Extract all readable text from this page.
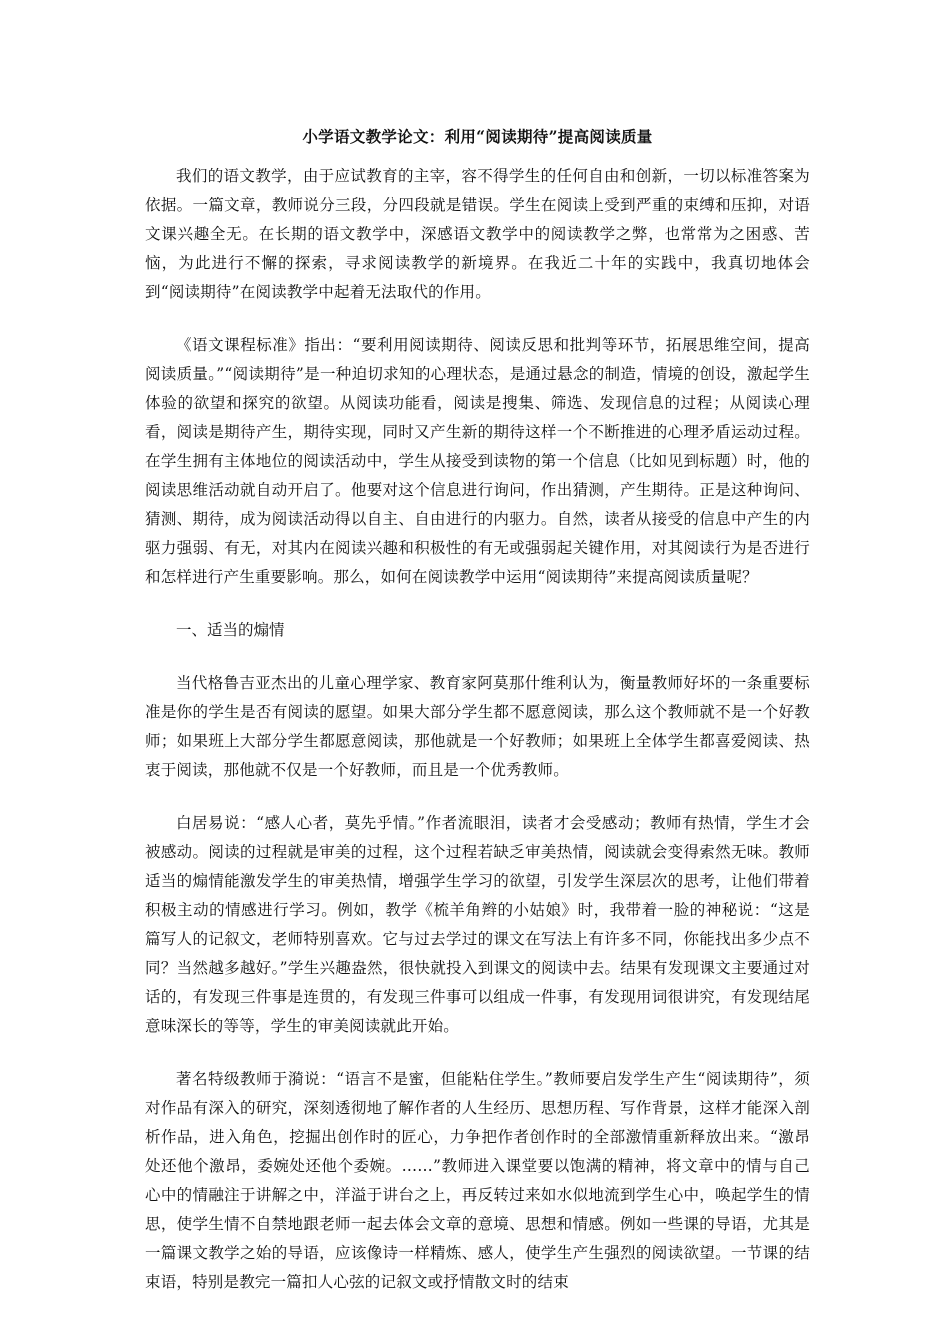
小学语文教学论文：利用“阅读期待”提高阅读质量

我们的语文教学，由于应试教育的主宰，容不得学生的任何自由和创新，一切以标准答案为依据。一篇文章，教师说分三段，分四段就是错误。学生在阅读上受到严重的束缚和压抑，对语文课兴趣全无。在长期的语文教学中，深感语文教学中的阅读教学之弊，也常常为之困惑、苦恼，为此进行不懈的探索，寻求阅读教学的新境界。在我近二十年的实践中，我真切地体会到“阅读期待”在阅读教学中起着无法取代的作用。

《语文课程标准》指出：“要利用阅读期待、阅读反思和批判等环节，拓展思维空间，提高阅读质量。”“阅读期待”是一种迫切求知的心理状态，是通过悬念的制造，情境的创设，激起学生体验的欲望和探究的欲望。从阅读功能看，阅读是搜集、筛选、发现信息的过程；从阅读心理看，阅读是期待产生，期待实现，同时又产生新的期待这样一个不断推进的心理矛盾运动过程。在学生拥有主体地位的阅读活动中，学生从接受到读物的第一个信息（比如见到标题）时，他的阅读思维活动就自动开启了。他要对这个信息进行询问，作出猜测，产生期待。正是这种询问、猜测、期待，成为阅读活动得以自主、自由进行的内驱力。自然，读者从接受的信息中产生的内驱力强弱、有无，对其内在阅读兴趣和积极性的有无或强弱起关键作用，对其阅读行为是否进行和怎样进行产生重要影响。那么，如何在阅读教学中运用“阅读期待”来提高阅读质量呢？

一、适当的煽情

当代格鲁吉亚杰出的儿童心理学家、教育家阿莫那什维利认为，衡量教师好坏的一条重要标准是你的学生是否有阅读的愿望。如果大部分学生都不愿意阅读，那么这个教师就不是一个好教师；如果班上大部分学生都愿意阅读，那他就是一个好教师；如果班上全体学生都喜爱阅读、热衷于阅读，那他就不仅是一个好教师，而且是一个优秀教师。

白居易说：“感人心者，莫先乎情。”作者流眼泪，读者才会受感动；教师有热情，学生才会被感动。阅读的过程就是审美的过程，这个过程若缺乏审美热情，阅读就会变得索然无味。教师适当的煽情能激发学生的审美热情，增强学生学习的欲望，引发学生深层次的思考，让他们带着积极主动的情感进行学习。例如，教学《梳羊角辫的小姑娘》时，我带着一脸的神秘说：“这是篇写人的记叙文，老师特别喜欢。它与过去学过的课文在写法上有许多不同，你能找出多少点不同？当然越多越好。”学生兴趣盎然，很快就投入到课文的阅读中去。结果有发现课文主要通过对话的，有发现三件事是连贯的，有发现三件事可以组成一件事，有发现用词很讲究，有发现结尾意味深长的等等，学生的审美阅读就此开始。

著名特级教师于漪说：“语言不是蜜，但能粘住学生。”教师要启发学生产生“阅读期待”，须对作品有深入的研究，深刻透彻地了解作者的人生经历、思想历程、写作背景，这样才能深入剖析作品，进入角色，挖掘出创作时的匠心，力争把作者创作时的全部激情重新释放出来。“激昂处还他个激昂，委婉处还他个委婉。……”教师进入课堂要以饱满的精神，将文章中的情与自己心中的情融注于讲解之中，洋溢于讲台之上，再反转过来如水似地流到学生心中，唤起学生的情思，使学生情不自禁地跟老师一起去体会文章的意境、思想和情感。例如一些课的导语，尤其是一篇课文教学之始的导语，应该像诗一样精炼、感人，使学生产生强烈的阅读欲望。一节课的结束语，特别是教完一篇扣人心弦的记叙文或抒情散文时的结束
